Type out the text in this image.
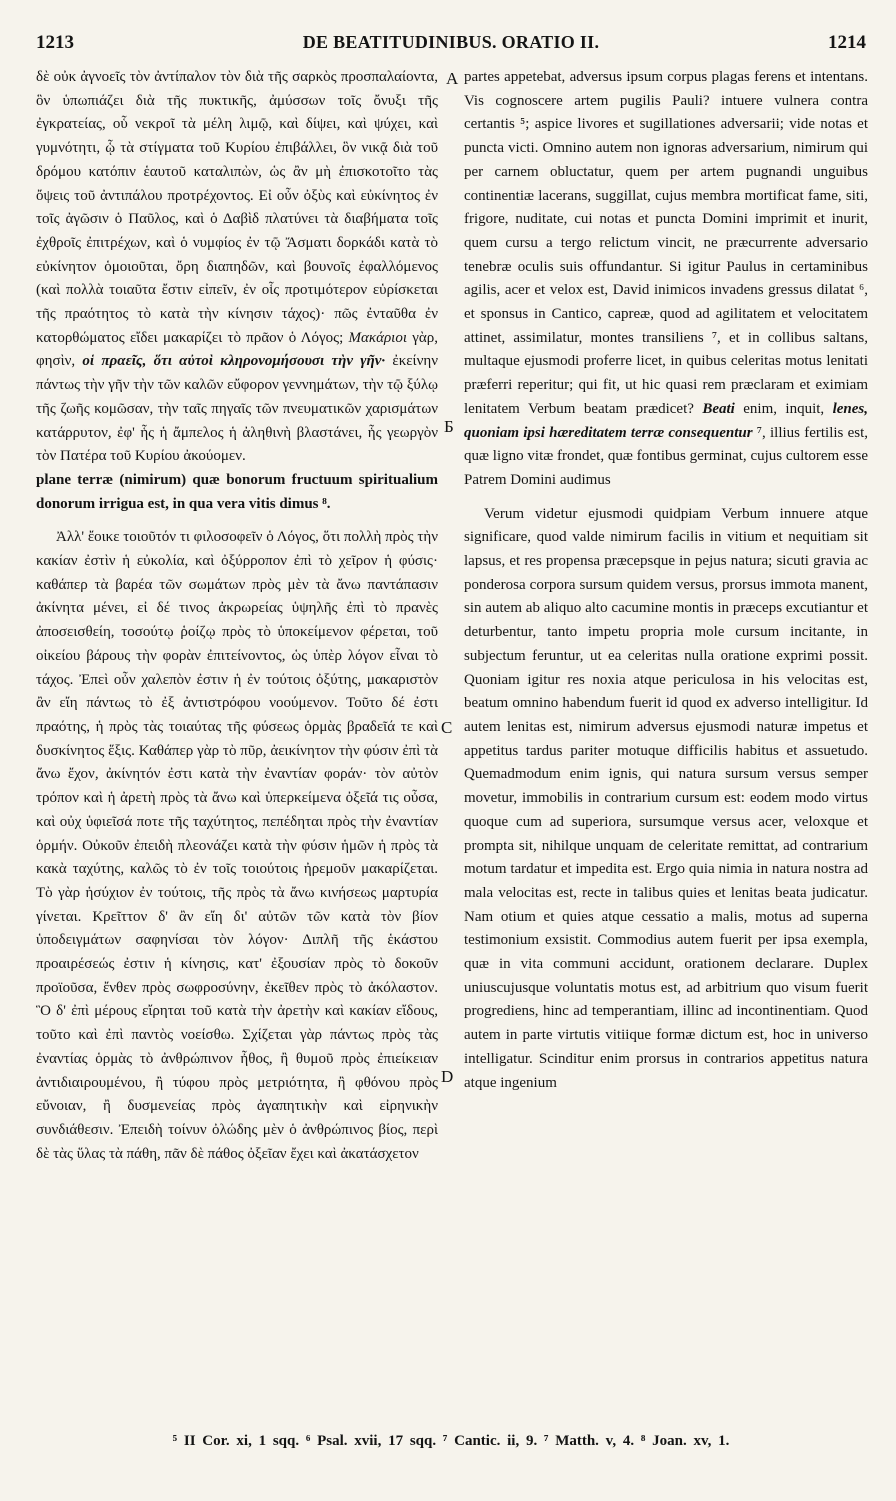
1213	DE BEATITUDINIBUS. ORATIO II.	1214

δὲ οὐκ ἀγνοεῖς τὸν ἀντίπαλον τὸν διὰ τῆς σαρκὸς προσπαλαίοντα, ὃν ὑπωπιάζει διὰ τῆς πυκτικῆς, ἀμύσσων τοῖς ὄνυξι τῆς ἐγκρατείας, οὗ νεκροῖ τὰ μέλη λιμῷ, καὶ δίψει, καὶ ψύχει, καὶ γυμνότητι, ᾧ τὰ στίγματα τοῦ Κυρίου ἐπιβάλλει, ὃν νικᾷ διὰ τοῦ δρόμου κατόπιν ἑαυτοῦ καταλιπὼν, ὡς ἂν μὴ ἐπισκοτοῖτο τὰς ὄψεις τοῦ ἀντιπάλου προτρέχοντος. Εἰ οὖν ὀξὺς καὶ εὐκίνητος ἐν τοῖς ἀγῶσιν ὁ Παῦλος, καὶ ὁ Δαβὶδ πλατύνει τὰ διαβήματα τοῖς ἐχθροῖς ἐπιτρέχων, καὶ ὁ νυμφίος ἐν τῷ Ἄσματι δορκάδι κατὰ τὸ εὐκίνητον ὁμοιοῦται, ὄρη διαπηδῶν, καὶ βουνοῖς ἐφαλλόμενος (καὶ πολλὰ τοιαῦτα ἔστιν εἰπεῖν, ἐν οἷς προτιμότερον εὑρίσκεται τῆς πραότητος τὸ κατὰ τὴν κίνησιν τάχος)· πῶς ἐνταῦθα ἐν κατορθώματος εἴδει μακαρίζει τὸ πρᾶον ὁ Λόγος; Μακάριοι γὰρ, φησὶν, οἱ πραεῖς, ὅτι αὐτοὶ κληρονομήσουσι τὴν γῆν· ἐκείνην πάντως τὴν γῆν τὴν τῶν καλῶν εὔφορον γεννημάτων, τὴν τῷ ξύλῳ τῆς ζωῆς κομῶσαν, τὴν ταῖς πηγαῖς τῶν πνευματικῶν χαρισμάτων κατάρρυτον, ἐφ' ἧς ἡ ἄμπελος ἡ ἀληθινὴ βλαστάνει, ἧς γεωργὸν τὸν Πατέρα τοῦ Κυρίου ἀκούομεν.

plane terræ (nimirum) quæ bonorum fructuum spiritualium donorum irrigua est, in qua vera vitis dimus ⁸.

Ἀλλ' ἔοικε τοιοῦτόν τι φιλοσοφεῖν ὁ Λόγος, ὅτι πολλὴ πρὸς τὴν κακίαν ἐστὶν ἡ εὐκολία, καὶ ὀξύρροπον ἐπὶ τὸ χεῖρον ἡ φύσις· καθάπερ τὰ βαρέα τῶν σωμάτων πρὸς μὲν τὰ ἄνω παντάπασιν ἀκίνητα μένει, εἰ δέ τινος ἀκρωρείας ὑψηλῆς ἐπὶ τὸ πρανὲς ἀποσεισθείη, τοσούτῳ ῥοίζῳ πρὸς τὸ ὑποκείμενον φέρεται, τοῦ οἰκείου βάρους τὴν φορὰν ἐπιτείνοντος, ὡς ὑπὲρ λόγον εἶναι τὸ τάχος. Ἐπεὶ οὖν χαλεπὸν ἐστιν ἡ ἐν τούτοις ὀξύτης, μακαριστὸν ἂν εἴη πάντως τὸ ἐξ ἀντιστρόφου νοούμενον. Τοῦτο δέ ἐστι πραότης, ἡ πρὸς τὰς τοιαύτας τῆς φύσεως ὁρμὰς βραδεῖά τε καὶ δυσκίνητος ἕξις. Καθάπερ γὰρ τὸ πῦρ, ἀεικίνητον τὴν φύσιν ἐπὶ τὰ ἄνω ἔχον, ἀκίνητόν ἐστι κατὰ τὴν ἐναντίαν φοράν· τὸν αὐτὸν τρόπον καὶ ἡ ἀρετὴ πρὸς τὰ ἄνω καὶ ὑπερκείμενα ὀξεῖά τις οὖσα, καὶ οὐχ ὑφιεῖσά ποτε τῆς ταχύτητος, πεπέδηται πρὸς τὴν ἐναντίαν ὁρμήν. Οὐκοῦν ἐπειδὴ πλεονάζει κατὰ τὴν φύσιν ἡμῶν ἡ πρὸς τὰ κακὰ ταχύτης, καλῶς τὸ ἐν τοῖς τοιούτοις ἠρεμοῦν μακαρίζεται. Τὸ γὰρ ἡσύχιον ἐν τούτοις, τῆς πρὸς τὰ ἄνω κινήσεως μαρτυρία γίνεται. Κρεῖττον δ' ἂν εἴη δι' αὐτῶν τῶν κατὰ τὸν βίον ὑποδειγμάτων σαφηνίσαι τὸν λόγον· Διπλῆ τῆς ἑκάστου προαιρέσεώς ἐστιν ἡ κίνησις, κατ' ἐξουσίαν πρὸς τὸ δοκοῦν προϊοῦσα, ἔνθεν πρὸς σωφροσύνην, ἐκεῖθεν πρὸς τὸ ἀκόλαστον. Ὃ δ' ἐπὶ μέρους εἴρηται τοῦ κατὰ τὴν ἀρετὴν καὶ κακίαν εἴδους, τοῦτο καὶ ἐπὶ παντὸς νοείσθω. Σχίζεται γὰρ πάντως πρὸς τὰς ἐναντίας ὁρμὰς τὸ ἀνθρώπινον ἦθος, ἢ θυμοῦ πρὸς ἐπιείκειαν ἀντιδιαιρουμένου, ἢ τύφου πρὸς μετριότητα, ἢ φθόνου πρὸς εὔνοιαν, ἢ δυσμενείας πρὸς ἀγαπητικὴν καὶ εἰρηνικὴν συνδιάθεσιν. Ἐπειδὴ τοίνυν ὀλώδης μὲν ὁ ἀνθρώπινος βίος, περὶ δὲ τὰς ὕλας τὰ πάθη, πᾶν δὲ πάθος ὀξεῖαν ἔχει καὶ ἀκατάσχετον

partes appetebat, adversus ipsum corpus plagas ferens et intentans. Vis cognoscere artem pugilis Pauli? intuere vulnera contra certantis ⁵; aspice livores et sugillationes adversarii; vide notas et puncta victi. Omnino autem non ignoras adversarium, nimirum qui per carnem obluctatur, quem per artem pugnandi unguibus continentiæ lacerans, suggillat, cujus membra mortificat fame, siti, frigore, nuditate, cui notas et puncta Domini imprimit et inurit, quem cursu a tergo relictum vincit, ne præcurrente adversario tenebræ oculis suis offundantur. Si igitur Paulus in certaminibus agilis, acer et velox est, David inimicos invadens gressus dilatat ⁶, et sponsus in Cantico, capreæ, quod ad agilitatem et velocitatem attinet, assimilatur, montes transiliens ⁷, et in collibus saltans, multaque ejusmodi proferre licet, in quibus celeritas motus lenitati præferri reperitur; qui fit, ut hic quasi rem præclaram et eximiam lenitatem Verbum beatam prædicet? Beati enim, inquit, lenes, quoniam ipsi hæreditatem terræ consequentur ⁷, illius fertilis est, quæ ligno vitæ frondet, quæ fontibus germinat, cujus cultorem esse Patrem Domini audimus

Verum videtur ejusmodi quidpiam Verbum innuere atque significare, quod valde nimirum facilis in vitium et nequitiam sit lapsus, et res propensa præcepsque in pejus natura; sicuti gravia ac ponderosa corpora sursum quidem versus, prorsus immota manent, sin autem ab aliquo alto cacumine montis in præceps excutiantur et deturbentur, tanto impetu propria mole cursum incitante, in subjectum feruntur, ut ea celeritas nulla oratione exprimi possit. Quoniam igitur res noxia atque periculosa in his velocitas est, beatum omnino habendum fuerit id quod ex adverso intelligitur. Id autem lenitas est, nimirum adversus ejusmodi naturæ impetus et appetitus tardus pariter motuque difficilis habitus et assuetudo. Quemadmodum enim ignis, qui natura sursum versus semper movetur, immobilis in contrarium cursum est: eodem modo virtus quoque cum ad superiora, sursumque versus acer, veloxque et prompta sit, nihilque unquam de celeritate remittat, ad contrarium motum tardatur et impedita est. Ergo quia nimia in natura nostra ad mala velocitas est, recte in talibus quies et lenitas beata judicatur. Nam otium et quies atque cessatio a malis, motus ad superna testimonium exsistit. Commodius autem fuerit per ipsa exempla, quæ in vita communi accidunt, orationem declarare. Duplex uniuscujusque voluntatis motus est, ad arbitrium quo visum fuerit progrediens, hinc ad temperantiam, illinc ad incontinentiam. Quod autem in parte virtutis vitiique formæ dictum est, hoc in universo intelligatur. Scinditur enim prorsus in contrarios appetitus natura atque ingenium

A
Б
C
D
⁵ II Cor. xi, 1 sqq. ⁶ Psal. xvii, 17 sqq. ⁷ Cantic. ii, 9. ⁷ Matth. v, 4. ⁸ Joan. xv, 1.
